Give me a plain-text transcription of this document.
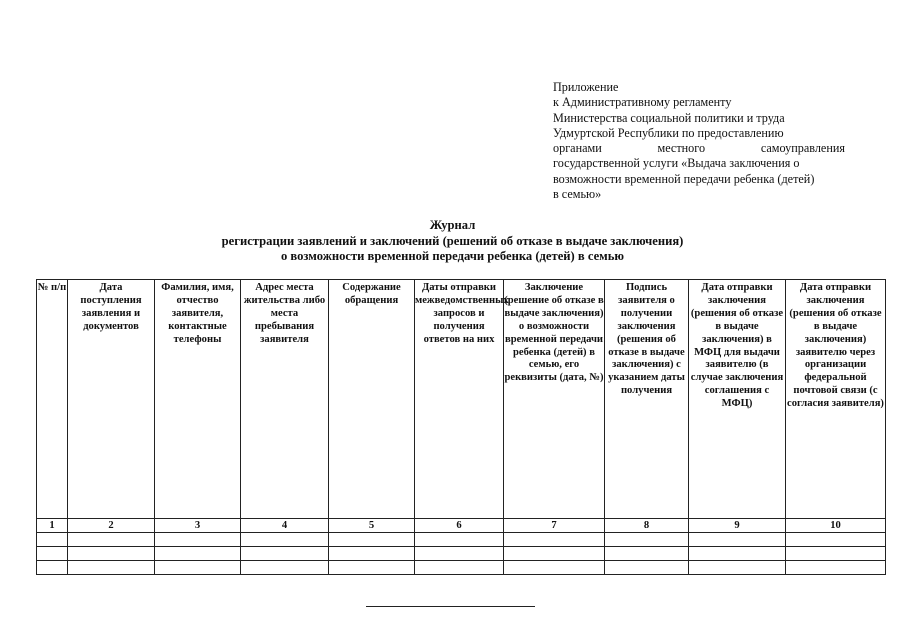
Приложение
к Административному регламенту
Министерства социальной политики и труда
Удмуртской Республики по предоставлению
органами	местного	самоуправления
государственной услуги «Выдача заключения о
возможности временной передачи ребенка (детей)
в семью»
Журнал
регистрации заявлений и заключений (решений об отказе в выдаче заключения)
о возможности временной передачи ребенка (детей) в семью
№ п/п	Дата поступления заявления и документов	Фамилия, имя, отчество заявителя, контактные телефоны	Адрес места жительства либо места пребывания заявителя	Содержание обращения	Даты отправки межведомственных запросов и получения ответов на них	Заключение (решение об отказе в выдаче заключения) о возможности временной передачи ребенка (детей) в семью, его реквизиты (дата, №)	Подпись заявителя о получении заключения (решения об отказе в выдаче заключения) с указанием даты получения	Дата отправки заключения (решения об отказе в выдаче заключения) в МФЦ для выдачи заявителю (в случае заключения соглашения с МФЦ)	Дата отправки заключения (решения об отказе в выдаче заключения) заявителю через организации федеральной почтовой связи (с согласия заявителя)
1	2	3	4	5	6	7	8	9	10
